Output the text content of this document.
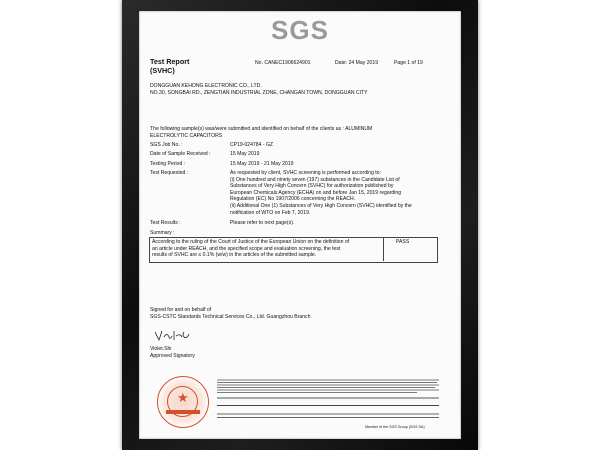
SGS
Test Report
(SVHC)
No. CANEC1906624901	Date: 24 May 2019	Page 1 of 19
DONGGUAN KEHONG ELECTRONIC CO., LTD.
NO.30, SONGBAI RD., ZENGTIAN INDUSTRIAL ZONE, CHANGAN TOWN, DONGGUAN CITY
The following sample(s) was/were submitted and identified on behalf of the clients as : ALUMINUM
ELECTROLYTIC CAPACITORS
SGS Job No. :	CP19-024784 - GZ
Date of Sample Received :	15 May 2019
Testing Period :	15 May 2019 - 21 May 2019
Test Requested :	As requested by client, SVHC screening is performed according to:
(i) One hundred and ninety seven (197) substances in the Candidate List of
Substances of Very High Concern (SVHC) for authorization published by
European Chemicals Agency (ECHA) on and before Jan 15, 2019 regarding
Regulation (EC) No 1907/2006 concerning the REACH.
(ii) Additional One (1) Substances of Very High Concern (SVHC) identified by the
notification of WTO on Feb 7, 2019.
Test Results :	Please refer to next page(s).
Summary :
According to the ruling of the Court of Justice of the European Union on the definition of
an article under REACH, and the specified scope and evaluation screening, the test
results of SVHC are ≤ 0.1% (w/w) in the articles of the submitted sample.
PASS
Signed for and on behalf of
SGS-CSTC Standards Technical Services Co., Ltd. Guangzhou Branch
Violet.Shi
Approved Signatory
★
Member of the SGS Group (SGS SA)
